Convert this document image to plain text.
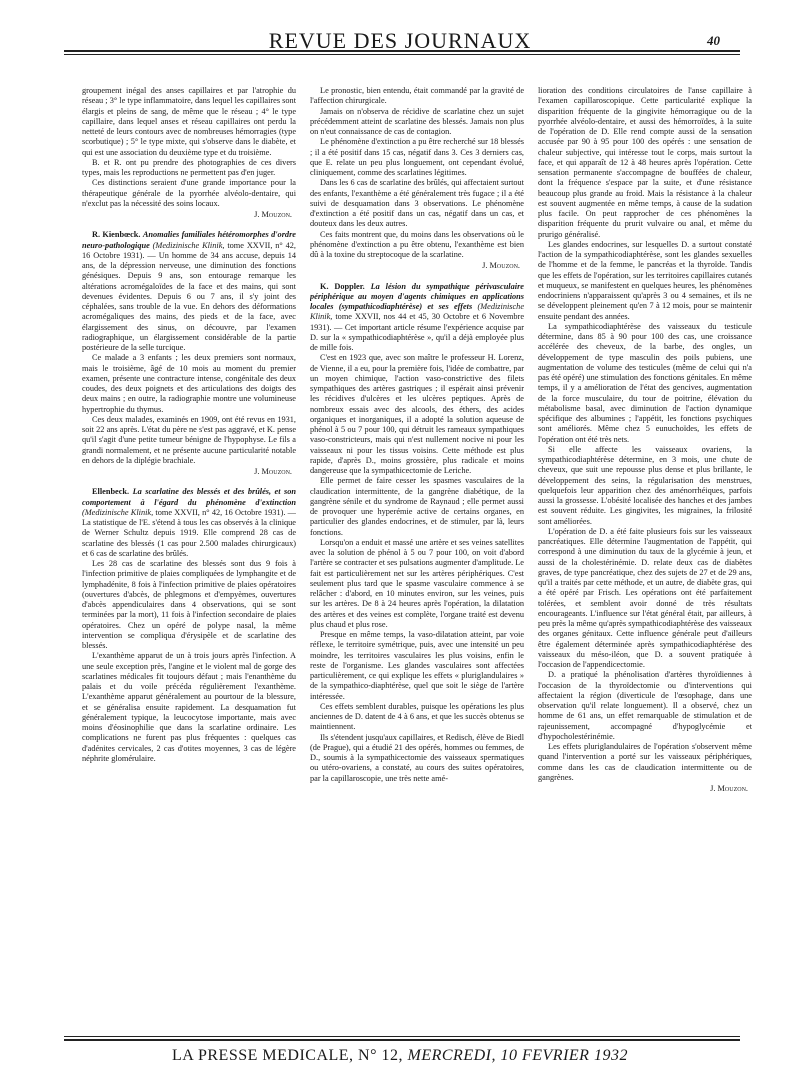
REVUE DES JOURNAUX	40

groupement inégal des anses capillaires et par l'atrophie du réseau ; 3° le type inflammatoire, dans lequel les capillaires sont élargis et pleins de sang, de même que le réseau ; 4° le type capillaire, dans lequel anses et réseau capillaires ont perdu la netteté de leurs contours avec de nombreuses hémorragies (type scorbutique) ; 5° le type mixte, qui s'observe dans le diabète, et qui est une association du deuxième type et du troisième.

B. et R. ont pu prendre des photographies de ces divers types, mais les reproductions ne permettent pas d'en juger.

Ces distinctions seraient d'une grande importance pour la thérapeutique générale de la pyorrhée alvéolo-dentaire, qui n'exclut pas la nécessité des soins locaux.

J. Mouzon.

R. Kienbœck. Anomalies familiales hétéromorphes d'ordre neuro-pathologique (Medizinische Klinik, tome XXVII, n° 42, 16 Octobre 1931). — Un homme de 34 ans accuse, depuis 14 ans, de la dépression nerveuse, une diminution des fonctions génésiques. Depuis 9 ans, son entourage remarque les altérations acromégaloïdes de la face et des mains, qui sont devenues évidentes. Depuis 6 ou 7 ans, il s'y joint des céphalées, sans trouble de la vue. En dehors des déformations acromégaliques des mains, des pieds et de la face, avec élargissement des sinus, on découvre, par l'examen radiographique, un élargissement considérable de la partie postérieure de la selle turcique.

Ce malade a 3 enfants ; les deux premiers sont normaux, mais le troisième, âgé de 10 mois au moment du premier examen, présente une contracture intense, congénitale des deux coudes, des deux poignets et des articulations des doigts des deux mains ; en outre, la radiographie montre une volumineuse hypertrophie du thymus.

Ces deux malades, examinés en 1909, ont été revus en 1931, soit 22 ans après. L'état du père ne s'est pas aggravé, et K. pense qu'il s'agit d'une petite tumeur bénigne de l'hypophyse. Le fils a grandi normalement, et ne présente aucune particularité notable en dehors de la diplégie brachiale.

J. Mouzon.

Ellenbeck. La scarlatine des blessés et des brûlés, et son comportement à l'égard du phénomène d'extinction (Medizinische Klinik, tome XXVII, n° 42, 16 Octobre 1931). — La statistique de l'E. s'étend à tous les cas observés à la clinique de Werner Schultz depuis 1919. Elle comprend 28 cas de scarlatine des blessés (1 cas pour 2.500 malades chirurgicaux) et 6 cas de scarlatine des brûlés.

Les 28 cas de scarlatine des blessés sont dus 9 fois à l'infection primitive de plaies compliquées de lymphangite et de lymphadénite, 8 fois à l'infection primitive de plaies opératoires (ouvertures d'abcès, de phlegmons et d'empyèmes, ouvertures d'abcès appendiculaires dans 4 observations, qui se sont terminées par la mort), 11 fois à l'infection secondaire de plaies opératoires. Chez un opéré de polype nasal, la même intervention se compliqua d'érysipèle et de scarlatine des blessés.

L'exanthème apparut de un à trois jours après l'infection. A une seule exception près, l'angine et le violent mal de gorge des scarlatines médicales fit toujours défaut ; mais l'enanthème du palais et du voile précéda régulièrement l'exanthème. L'exanthème apparut généralement au pourtour de la blessure, et se généralisa ensuite rapidement. La desquamation fut généralement typique, la leucocytose importante, mais avec moins d'éosinophilie que dans la scarlatine ordinaire. Les complications ne furent pas plus fréquentes : quelques cas d'adénites cervicales, 2 cas d'otites moyennes, 3 cas de légère néphrite glomérulaire.

Le pronostic, bien entendu, était commandé par la gravité de l'affection chirurgicale.

Jamais on n'observa de récidive de scarlatine chez un sujet précédemment atteint de scarlatine des blessés. Jamais non plus on n'eut connaissance de cas de contagion.

Le phénomène d'extinction a pu être recherché sur 18 blessés ; il a été positif dans 15 cas, négatif dans 3. Ces 3 derniers cas, que E. relate un peu plus longuement, ont cependant évolué, cliniquement, comme des scarlatines légitimes.

Dans les 6 cas de scarlatine des brûlés, qui affectaient surtout des enfants, l'exanthème a été généralement très fugace ; il a été suivi de desquamation dans 3 observations. Le phénomène d'extinction a été positif dans un cas, négatif dans un cas, et douteux dans les deux autres.

Ces faits montrent que, du moins dans les observations où le phénomène d'extinction a pu être obtenu, l'exanthème est bien dû à la toxine du streptocoque de la scarlatine.

J. Mouzon.

K. Doppler. La lésion du sympathique périvasculaire périphérique au moyen d'agents chimiques en applications locales (sympathicodiaphtérèse) et ses effets (Medizinische Klinik, tome XXVII, nos 44 et 45, 30 Octobre et 6 Novembre 1931). — Cet important article résume l'expérience acquise par D. sur la « sympathicodiaphtérèse », qu'il a déjà employée plus de mille fois.

C'est en 1923 que, avec son maître le professeur H. Lorenz, de Vienne, il a eu, pour la première fois, l'idée de combattre, par un moyen chimique, l'action vaso-constrictive des filets sympathiques des artères gastriques ; il espérait ainsi prévenir les récidives d'ulcères et les ulcères peptiques. Après de nombreux essais avec des alcools, des éthers, des acides organiques et inorganiques, il a adopté la solution aqueuse de phénol à 5 ou 7 pour 100, qui détruit les rameaux sympathiques vaso-constricteurs, mais qui n'est nullement nocive ni pour les vaisseaux ni pour les tissus voisins. Cette méthode est plus rapide, d'après D., moins grossière, plus radicale et moins dangereuse que la sympathicectomie de Leriche.

Elle permet de faire cesser les spasmes vasculaires de la claudication intermittente, de la gangrène diabétique, de la gangrène sénile et du syndrome de Raynaud ; elle permet aussi de provoquer une hyperémie active de certains organes, en particulier des glandes endocrines, et de stimuler, par là, leurs fonctions.

Lorsqu'on a enduit et massé une artère et ses veines satellites avec la solution de phénol à 5 ou 7 pour 100, on voit d'abord l'artère se contracter et ses pulsations augmenter d'amplitude. Le fait est particulièrement net sur les artères périphériques. C'est seulement plus tard que le spasme vasculaire commence à se relâcher : d'abord, en 10 minutes environ, sur les veines, puis sur les artères. De 8 à 24 heures après l'opération, la dilatation des artères et des veines est complète, l'organe traité est devenu plus chaud et plus rose.

Presque en même temps, la vaso-dilatation atteint, par voie réflexe, le territoire symétrique, puis, avec une intensité un peu moindre, les territoires vasculaires les plus voisins, enfin le reste de l'organisme. Les glandes vasculaires sont affectées particulièrement, ce qui explique les effets « pluriglandulaires » de la sympathico-diaphtérèse, quel que soit le siège de l'artère intéressée.

Ces effets semblent durables, puisque les opérations les plus anciennes de D. datent de 4 à 6 ans, et que les succès obtenus se maintiennent.

Ils s'étendent jusqu'aux capillaires, et Redisch, élève de Biedl (de Prague), qui a étudié 21 des opérés, hommes ou femmes, de D., soumis à la sympathicectomie des vaisseaux spermatiques ou utéro-ovariens, a constaté, au cours des suites opératoires, par la capillaroscopie, une très nette amé-

lioration des conditions circulatoires de l'anse capillaire à l'examen capillaroscopique. Cette particularité explique la disparition fréquente de la gingivite hémorragique ou de la pyorrhée alvéolo-dentaire, et aussi des hémorroïdes, à la suite de l'opération de D. Elle rend compte aussi de la sensation accusée par 90 à 95 pour 100 des opérés : une sensation de chaleur subjective, qui intéresse tout le corps, mais surtout la face, et qui apparaît de 12 à 48 heures après l'opération. Cette sensation permanente s'accompagne de bouffées de chaleur, dont la fréquence s'espace par la suite, et d'une résistance beaucoup plus grande au froid. Mais la résistance à la chaleur est souvent augmentée en même temps, à cause de la sudation plus facile. On peut rapprocher de ces phénomènes la disparition fréquente du prurit vulvaire ou anal, et même du prurigo généralisé.

Les glandes endocrines, sur lesquelles D. a surtout constaté l'action de la sympathicodiaphtérèse, sont les glandes sexuelles de l'homme et de la femme, le pancréas et la thyroïde. Tandis que les effets de l'opération, sur les territoires capillaires cutanés et muqueux, se manifestent en quelques heures, les phénomènes endocriniens n'apparaissent qu'après 3 ou 4 semaines, et ils ne se développent pleinement qu'en 7 à 12 mois, pour se maintenir ensuite pendant des années.

La sympathicodiaphtérèse des vaisseaux du testicule détermine, dans 85 à 90 pour 100 des cas, une croissance accélérée des cheveux, de la barbe, des ongles, un développement de type masculin des poils pubiens, une augmentation de volume des testicules (même de celui qui n'a pas été opéré) une stimulation des fonctions génitales. En même temps, il y a amélioration de l'état des gencives, augmentation de la force musculaire, du tour de poitrine, élévation du métabolisme basal, avec diminution de l'action dynamique spécifique des albumines ; l'appétit, les fonctions psychiques sont améliorés. Même chez 5 eunuchoïdes, les effets de l'opération ont été très nets.

Si elle affecte les vaisseaux ovariens, la sympathicodiaphtérèse détermine, en 3 mois, une chute de cheveux, que suit une repousse plus dense et plus brillante, le développement des seins, la régularisation des menstrues, quelquefois leur apparition chez des aménorrhéiques, parfois aussi la grossesse. L'obésité localisée des hanches et des jambes est souvent réduite. Les gingivites, les migraines, la frilosité sont améliorées.

L'opération de D. a été faite plusieurs fois sur les vaisseaux pancréatiques. Elle détermine l'augmentation de l'appétit, qui correspond à une diminution du taux de la glycémie à jeun, et aussi de la cholestérinémie. D. relate deux cas de diabètes graves, de type pancréatique, chez des sujets de 27 et de 29 ans, qu'il a traités par cette méthode, et un autre, de diabète gras, qui a été opéré par Frisch. Les opérations ont été parfaitement tolérées, et semblent avoir donné de très résultats encourageants. L'influence sur l'état général était, par ailleurs, à peu près la même qu'après sympathicodiaphtérèse des vaisseaux des organes génitaux. Cette influence générale peut d'ailleurs être également déterminée après sympathicodiaphtérèse des vaisseaux du méso-iléon, que D. a souvent pratiquée à l'occasion de l'appendicectomie.

D. a pratiqué la phénolisation d'artères thyroïdiennes à l'occasion de la thyroïdectomie ou d'interventions qui affectaient la région (diverticule de l'œsophage, dans une observation qu'il relate longuement). Il a observé, chez un homme de 61 ans, un effet remarquable de stimulation et de rajeunissement, accompagné d'hypoglycémie et d'hypocholestérinémie.

Les effets pluriglandulaires de l'opération s'observent même quand l'intervention a porté sur les vaisseaux périphériques, comme dans les cas de claudication intermittente ou de gangrènes.

J. Mouzon.

LA PRESSE MEDICALE, N° 12, MERCREDI, 10 FEVRIER 1932
